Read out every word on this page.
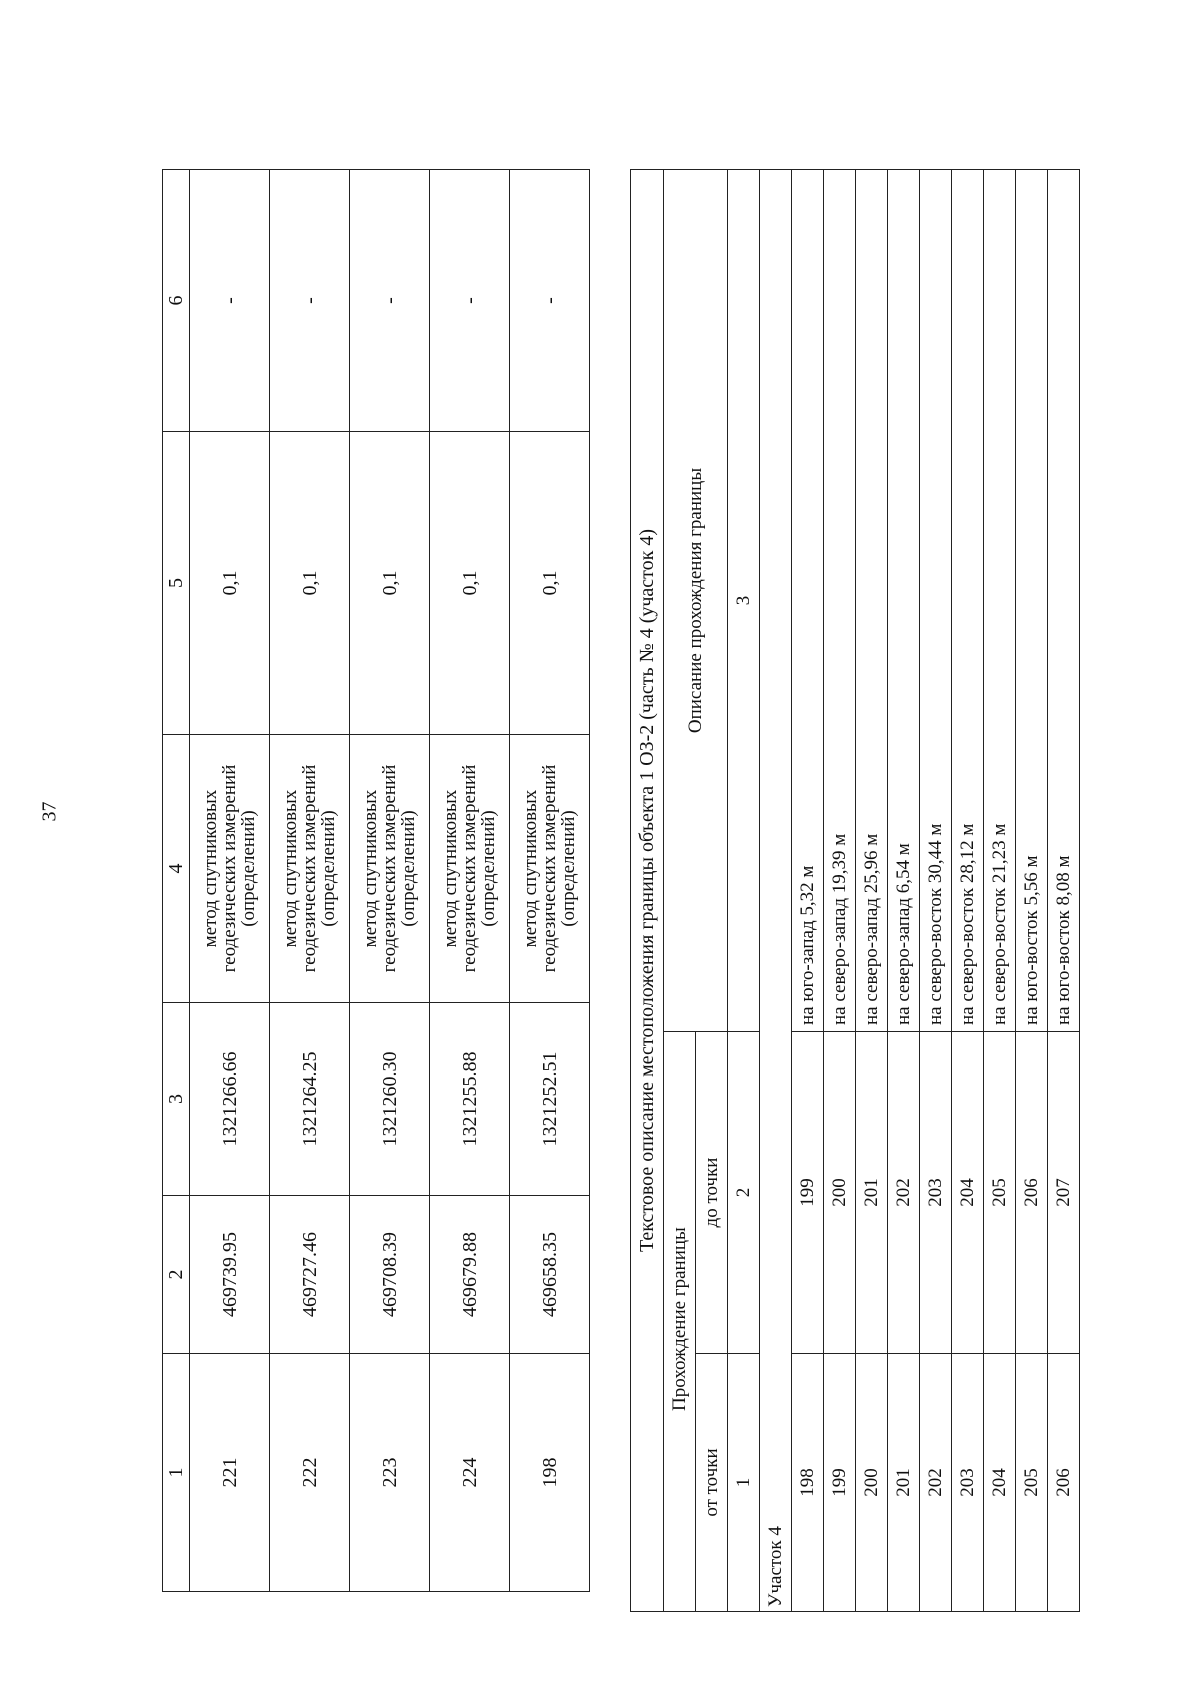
37
1	2	3	4	5	6
221	469739.95	1321266.66	метод спутниковых
геодезических измерений
(определений)	0,1	-
222	469727.46	1321264.25	метод спутниковых
геодезических измерений
(определений)	0,1	-
223	469708.39	1321260.30	метод спутниковых
геодезических измерений
(определений)	0,1	-
224	469679.88	1321255.88	метод спутниковых
геодезических измерений
(определений)	0,1	-
198	469658.35	1321252.51	метод спутниковых
геодезических измерений
(определений)	0,1	-
Текстовое описание местоположения границы объекта 1 ОЗ-2 (часть № 4 (участок 4)		
Прохождение границы		Описание прохождения границы
от точки	до точки	
1	2	3
Участок 4		
198	199	на юго-запад 5,32 м
199	200	на северо-запад 19,39 м
200	201	на северо-запад 25,96 м
201	202	на северо-запад 6,54 м
202	203	на северо-восток 30,44 м
203	204	на северо-восток 28,12 м
204	205	на северо-восток 21,23 м
205	206	на юго-восток 5,56 м
206	207	на юго-восток 8,08 м
